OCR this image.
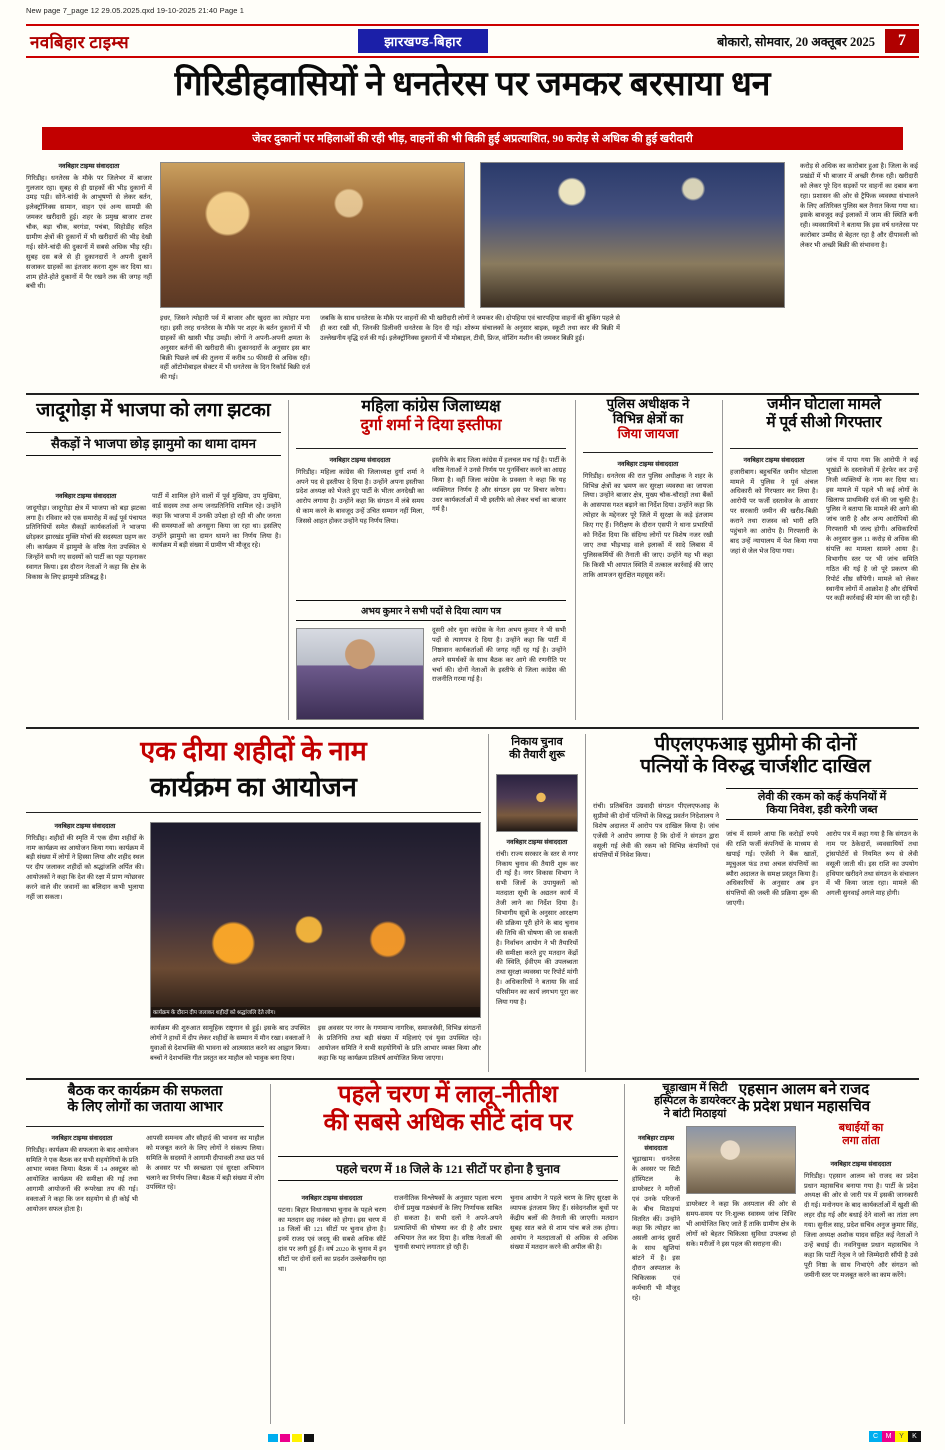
New page 7_page 12 29.05.2025.qxd 19-10-2025 21:40 Page 1
नवबिहार टाइम्स	झारखण्ड-बिहार	बोकारो, सोमवार, 20 अक्तूबर 2025	7
गिरिडीहवासियों ने धनतेरस पर जमकर बरसाया धन
जेवर दुकानों पर महिलाओं की रही भीड़, वाहनों की भी बिक्री हुई अप्रत्याशित, 90 करोड़ से अधिक की हुई खरीदारी
नवबिहार टाइम्स संवाददाता
गिरिडीह। धनतेरस के मौके पर जिलेभर में बाजार गुलजार रहा। सुबह से ही ग्राहकों की भीड़ दुकानों में उमड़ पड़ी। सोने-चांदी के आभूषणों से लेकर बर्तन, इलेक्ट्रॉनिक्स सामान, वाहन एवं अन्य सामग्री की जमकर खरीदारी हुई। शहर के प्रमुख बाजार टावर चौक, बड़ा चौक, बरगंडा, पचंबा, सिहोडीह सहित ग्रामीण क्षेत्रों की दुकानों में भी खरीदारों की भीड़ देखी गई। सोने-चांदी की दुकानों में सबसे अधिक भीड़ रही। सुबह दस बजे से ही दुकानदारों ने अपनी दुकानें सजाकर ग्राहकों का इंतजार करना शुरू कर दिया था। शाम होते-होते दुकानों में पैर रखने तक की जगह नहीं बची थी।
इधर, जिसने त्योहारी पर्व में बाजार और खुदरा का त्योहार मना रहा। इसी तरह धनतेरस के मौके पर शहर के बर्तन दुकानों में भी ग्राहकों की खासी भीड़ उमड़ी। लोगों ने अपनी-अपनी क्षमता के अनुसार बर्तनों की खरीदारी की। दुकानदारों के अनुसार इस बार बिक्री पिछले वर्ष की तुलना में करीब 50 फीसदी से अधिक रही। वहीं ऑटोमोबाइल सेक्टर में भी धनतेरस के दिन रिकॉर्ड बिक्री दर्ज की गई।
जबकि के साथ धनतेरस के मौके पर वाहनों की भी खरीदारी लोगों ने जमकर की। दोपहिया एवं चारपहिया वाहनों की बुकिंग पहले से ही करा रखी थी, जिनकी डिलीवरी धनतेरस के दिन दी गई। शोरूम संचालकों के अनुसार बाइक, स्कूटी तथा कार की बिक्री में उल्लेखनीय वृद्धि दर्ज की गई। इलेक्ट्रॉनिक्स दुकानों में भी मोबाइल, टीवी, फ्रिज, वॉशिंग मशीन की जमकर बिक्री हुई।
करोड़ से अधिक का कारोबार हुआ है। जिला के कई प्रखंडों में भी बाजार में अच्छी रौनक रही। खरीदारी को लेकर पूरे दिन सड़कों पर वाहनों का दबाव बना रहा। प्रशासन की ओर से ट्रैफिक व्यवस्था संभालने के लिए अतिरिक्त पुलिस बल तैनात किया गया था। इसके बावजूद कई इलाकों में जाम की स्थिति बनी रही। व्यवसायियों ने बताया कि इस वर्ष धनतेरस पर कारोबार उम्मीद से बेहतर रहा है और दीपावली को लेकर भी अच्छी बिक्री की संभावना है।
जादूगोड़ा में भाजपा को लगा झटका
सैकड़ों ने भाजपा छोड़ झामुमो का थामा दामन
नवबिहार टाइम्स संवाददाता
जादूगोड़ा। जादूगोड़ा क्षेत्र में भाजपा को बड़ा झटका लगा है। रविवार को एक समारोह में कई पूर्व पंचायत प्रतिनिधियों समेत सैकड़ों कार्यकर्ताओं ने भाजपा छोड़कर झारखंड मुक्ति मोर्चा की सदस्यता ग्रहण कर ली। कार्यक्रम में झामुमो के वरिष्ठ नेता उपस्थित थे जिन्होंने सभी नए सदस्यों को पार्टी का पट्टा पहनाकर स्वागत किया। इस दौरान नेताओं ने कहा कि क्षेत्र के विकास के लिए झामुमो प्रतिबद्ध है।
पार्टी में शामिल होने वालों में पूर्व मुखिया, उप मुखिया, वार्ड सदस्य तथा अन्य जनप्रतिनिधि शामिल रहे। उन्होंने कहा कि भाजपा में उनकी उपेक्षा हो रही थी और जनता की समस्याओं को अनसुना किया जा रहा था। इसलिए उन्होंने झामुमो का दामन थामने का निर्णय लिया है। कार्यक्रम में बड़ी संख्या में ग्रामीण भी मौजूद रहे।
महिला कांग्रेस जिलाध्यक्ष
दुर्गा शर्मा ने दिया इस्तीफा
नवबिहार टाइम्स संवाददाता
गिरिडीह। महिला कांग्रेस की जिलाध्यक्ष दुर्गा शर्मा ने अपने पद से इस्तीफा दे दिया है। उन्होंने अपना इस्तीफा प्रदेश अध्यक्ष को भेजते हुए पार्टी के भीतर अनदेखी का आरोप लगाया है। उन्होंने कहा कि संगठन में लंबे समय से काम करने के बावजूद उन्हें उचित सम्मान नहीं मिला, जिससे आहत होकर उन्होंने यह निर्णय लिया।
इस्तीफे के बाद जिला कांग्रेस में हलचल मच गई है। पार्टी के वरिष्ठ नेताओं ने उनसे निर्णय पर पुनर्विचार करने का आग्रह किया है। वहीं जिला कांग्रेस के प्रवक्ता ने कहा कि यह व्यक्तिगत निर्णय है और संगठन इस पर विचार करेगा। उधर कार्यकर्ताओं में भी इस्तीफे को लेकर चर्चा का बाजार गर्म है।
अभय कुमार ने सभी पदों से दिया त्याग पत्र
दूसरी ओर युवा कांग्रेस के नेता अभय कुमार ने भी सभी पदों से त्यागपत्र दे दिया है। उन्होंने कहा कि पार्टी में निष्ठावान कार्यकर्ताओं की जगह नहीं रह गई है। उन्होंने अपने समर्थकों के साथ बैठक कर आगे की रणनीति पर चर्चा की। दोनों नेताओं के इस्तीफे से जिला कांग्रेस की राजनीति गरमा गई है।
पुलिस अधीक्षक ने
विभिन्न क्षेत्रों का
जिया जायजा
नवबिहार टाइम्स संवाददाता
गिरिडीह। धनतेरस की रात पुलिस अधीक्षक ने शहर के विभिन्न क्षेत्रों का भ्रमण कर सुरक्षा व्यवस्था का जायजा लिया। उन्होंने बाजार क्षेत्र, मुख्य चौक-चौराहों तथा बैंकों के आसपास गश्त बढ़ाने का निर्देश दिया। उन्होंने कहा कि त्योहार के मद्देनजर पूरे जिले में सुरक्षा के कड़े इंतजाम किए गए हैं। निरीक्षण के दौरान एसपी ने थाना प्रभारियों को निर्देश दिया कि संदिग्ध लोगों पर विशेष नजर रखी जाए तथा भीड़भाड़ वाले इलाकों में सादे लिबास में पुलिसकर्मियों की तैनाती की जाए। उन्होंने यह भी कहा कि किसी भी आपात स्थिति में तत्काल कार्रवाई की जाए ताकि आमजन सुरक्षित महसूस करें।
जमीन घोटाला मामले
में पूर्व सीओ गिरफ्तार
नवबिहार टाइम्स संवाददाता
हजारीबाग। बहुचर्चित जमीन घोटाला मामले में पुलिस ने पूर्व अंचल अधिकारी को गिरफ्तार कर लिया है। आरोपी पर फर्जी दस्तावेज के आधार पर सरकारी जमीन की खरीद-बिक्री कराने तथा राजस्व को भारी क्षति पहुंचाने का आरोप है। गिरफ्तारी के बाद उन्हें न्यायालय में पेश किया गया जहां से जेल भेज दिया गया।
जांच में पाया गया कि आरोपी ने कई भूखंडों के दस्तावेजों में हेरफेर कर उन्हें निजी व्यक्तियों के नाम कर दिया था। इस मामले में पहले भी कई लोगों के खिलाफ प्राथमिकी दर्ज की जा चुकी है। पुलिस ने बताया कि मामले की आगे की जांच जारी है और अन्य आरोपियों की गिरफ्तारी भी जल्द होगी। अधिकारियों के अनुसार कुल 11 करोड़ से अधिक की संपत्ति का मामला सामने आया है। विभागीय स्तर पर भी जांच समिति गठित की गई है जो पूरे प्रकरण की रिपोर्ट शीघ्र सौंपेगी। मामले को लेकर स्थानीय लोगों में आक्रोश है और दोषियों पर कड़ी कार्रवाई की मांग की जा रही है।
एक दीया शहीदों के नाम
कार्यक्रम का आयोजन
नवबिहार टाइम्स संवाददाता
गिरिडीह। शहीदों की स्मृति में 'एक दीया शहीदों के नाम' कार्यक्रम का आयोजन किया गया। कार्यक्रम में बड़ी संख्या में लोगों ने हिस्सा लिया और शहीद स्थल पर दीप जलाकर शहीदों को श्रद्धांजलि अर्पित की। आयोजकों ने कहा कि देश की रक्षा में प्राण न्योछावर करने वाले वीर जवानों का बलिदान कभी भुलाया नहीं जा सकता।
कार्यक्रम के दौरान दीप जलाकर शहीदों को श्रद्धांजलि देते लोग।
कार्यक्रम की शुरुआत सामूहिक राष्ट्रगान से हुई। इसके बाद उपस्थित लोगों ने हाथों में दीप लेकर शहीदों के सम्मान में मौन रखा। वक्ताओं ने युवाओं से देशभक्ति की भावना को आत्मसात करने का आह्वान किया। बच्चों ने देशभक्ति गीत प्रस्तुत कर माहौल को भावुक बना दिया।
इस अवसर पर नगर के गणमान्य नागरिक, समाजसेवी, विभिन्न संगठनों के प्रतिनिधि तथा बड़ी संख्या में महिलाएं एवं युवा उपस्थित रहे। आयोजन समिति ने सभी सहयोगियों के प्रति आभार व्यक्त किया और कहा कि यह कार्यक्रम प्रतिवर्ष आयोजित किया जाएगा।
निकाय चुनाव
की तैयारी शुरू
नवबिहार टाइम्स संवाददाता
रांची। राज्य सरकार के स्तर से नगर निकाय चुनाव की तैयारी शुरू कर दी गई है। नगर विकास विभाग ने सभी जिलों के उपायुक्तों को मतदाता सूची के अद्यतन कार्य में तेजी लाने का निर्देश दिया है। विभागीय सूत्रों के अनुसार आरक्षण की प्रक्रिया पूरी होने के बाद चुनाव की तिथि की घोषणा की जा सकती है। निर्वाचन आयोग ने भी तैयारियों की समीक्षा करते हुए मतदान केंद्रों की स्थिति, ईवीएम की उपलब्धता तथा सुरक्षा व्यवस्था पर रिपोर्ट मांगी है। अधिकारियों ने बताया कि वार्ड परिसीमन का कार्य लगभग पूरा कर लिया गया है।
पीएलएफआइ सुप्रीमो की दोनों
पत्नियों के विरुद्ध चार्जशीट दाखिल
लेवी की रकम को कई कंपनियों में
किया निवेश, इडी करेगी जब्त
रांची। प्रतिबंधित उग्रवादी संगठन पीएलएफआइ के सुप्रीमो की दोनों पत्नियों के विरुद्ध प्रवर्तन निदेशालय ने विशेष अदालत में आरोप पत्र दाखिल किया है। जांच एजेंसी ने आरोप लगाया है कि दोनों ने संगठन द्वारा वसूली गई लेवी की रकम को विभिन्न कंपनियों एवं संपत्तियों में निवेश किया।
जांच में सामने आया कि करोड़ों रुपये की राशि फर्जी कंपनियों के माध्यम से खपाई गई। एजेंसी ने बैंक खातों, म्यूचुअल फंड तथा अचल संपत्तियों का ब्यौरा अदालत के समक्ष प्रस्तुत किया है। अधिकारियों के अनुसार अब इन संपत्तियों की जब्ती की प्रक्रिया शुरू की जाएगी।
आरोप पत्र में कहा गया है कि संगठन के नाम पर ठेकेदारों, व्यवसायियों तथा ट्रांसपोर्टरों से नियमित रूप से लेवी वसूली जाती थी। इस राशि का उपयोग हथियार खरीदने तथा संगठन के संचालन में भी किया जाता रहा। मामले की अगली सुनवाई अगले माह होगी।
बैठक कर कार्यक्रम की सफलता
के लिए लोगों का जताया आभार
नवबिहार टाइम्स संवाददाता
गिरिडीह। कार्यक्रम की सफलता के बाद आयोजन समिति ने एक बैठक कर सभी सहयोगियों के प्रति आभार व्यक्त किया। बैठक में 14 अक्टूबर को आयोजित कार्यक्रम की समीक्षा की गई तथा आगामी आयोजनों की रूपरेखा तय की गई। वक्ताओं ने कहा कि जन सहयोग से ही कोई भी आयोजन सफल होता है।
आपसी समन्वय और सौहार्द की भावना का माहौल को मजबूत करने के लिए लोगों ने संकल्प लिया। समिति के सदस्यों ने आगामी दीपावली तथा छठ पर्व के अवसर पर भी स्वच्छता एवं सुरक्षा अभियान चलाने का निर्णय लिया। बैठक में बड़ी संख्या में लोग उपस्थित रहे।
पहले चरण में लालू-नीतीश
की सबसे अधिक सीटें दांव पर
पहले चरण में 18 जिले के 121 सीटों पर होना है चुनाव
नवबिहार टाइम्स संवाददाता
पटना। बिहार विधानसभा चुनाव के पहले चरण का मतदान छह नवंबर को होगा। इस चरण में 18 जिलों की 121 सीटों पर चुनाव होना है। इनमें राजद एवं जदयू की सबसे अधिक सीटें दांव पर लगी हुई हैं। वर्ष 2020 के चुनाव में इन सीटों पर दोनों दलों का प्रदर्शन उल्लेखनीय रहा था।
राजनीतिक विश्लेषकों के अनुसार पहला चरण दोनों प्रमुख गठबंधनों के लिए निर्णायक साबित हो सकता है। सभी दलों ने अपने-अपने प्रत्याशियों की घोषणा कर दी है और प्रचार अभियान तेज कर दिया है। वरिष्ठ नेताओं की चुनावी सभाएं लगातार हो रही हैं।
चुनाव आयोग ने पहले चरण के लिए सुरक्षा के व्यापक इंतजाम किए हैं। संवेदनशील बूथों पर केंद्रीय बलों की तैनाती की जाएगी। मतदान सुबह सात बजे से शाम पांच बजे तक होगा। आयोग ने मतदाताओं से अधिक से अधिक संख्या में मतदान करने की अपील की है।
चूड़ाखाम में सिटी
हस्पिटल के डायरेक्टर
ने बांटी मिठाइयां
नवबिहार टाइम्स संवाददाता
चूड़ाखाम। धनतेरस के अवसर पर सिटी हॉस्पिटल के डायरेक्टर ने मरीजों एवं उनके परिजनों के बीच मिठाइयां वितरित कीं। उन्होंने कहा कि त्योहार का असली आनंद दूसरों के साथ खुशियां बांटने में है। इस दौरान अस्पताल के चिकित्सक एवं कर्मचारी भी मौजूद रहे।
डायरेक्टर ने कहा कि अस्पताल की ओर से समय-समय पर नि:शुल्क स्वास्थ्य जांच शिविर भी आयोजित किए जाते हैं ताकि ग्रामीण क्षेत्र के लोगों को बेहतर चिकित्सा सुविधा उपलब्ध हो सके। मरीजों ने इस पहल की सराहना की।
एहसान आलम बने राजद
के प्रदेश प्रधान महासचिव
बधाईयों का
लगा तांता
नवबिहार टाइम्स संवाददाता
गिरिडीह। एहसान आलम को राजद का प्रदेश प्रधान महासचिव बनाया गया है। पार्टी के प्रदेश अध्यक्ष की ओर से जारी पत्र में इसकी जानकारी दी गई। मनोनयन के बाद कार्यकर्ताओं में खुशी की लहर दौड़ गई और बधाई देने वालों का तांता लग गया। सुनील साह, प्रदेश सचिव अनुज कुमार सिंह, जिला अध्यक्ष अशोक यादव सहित कई नेताओं ने उन्हें बधाई दी। नवनियुक्त प्रधान महासचिव ने कहा कि पार्टी नेतृत्व ने जो जिम्मेदारी सौंपी है उसे पूरी निष्ठा के साथ निभाएंगे और संगठन को जमीनी स्तर पर मजबूत करने का काम करेंगे।
C	M	Y	K
